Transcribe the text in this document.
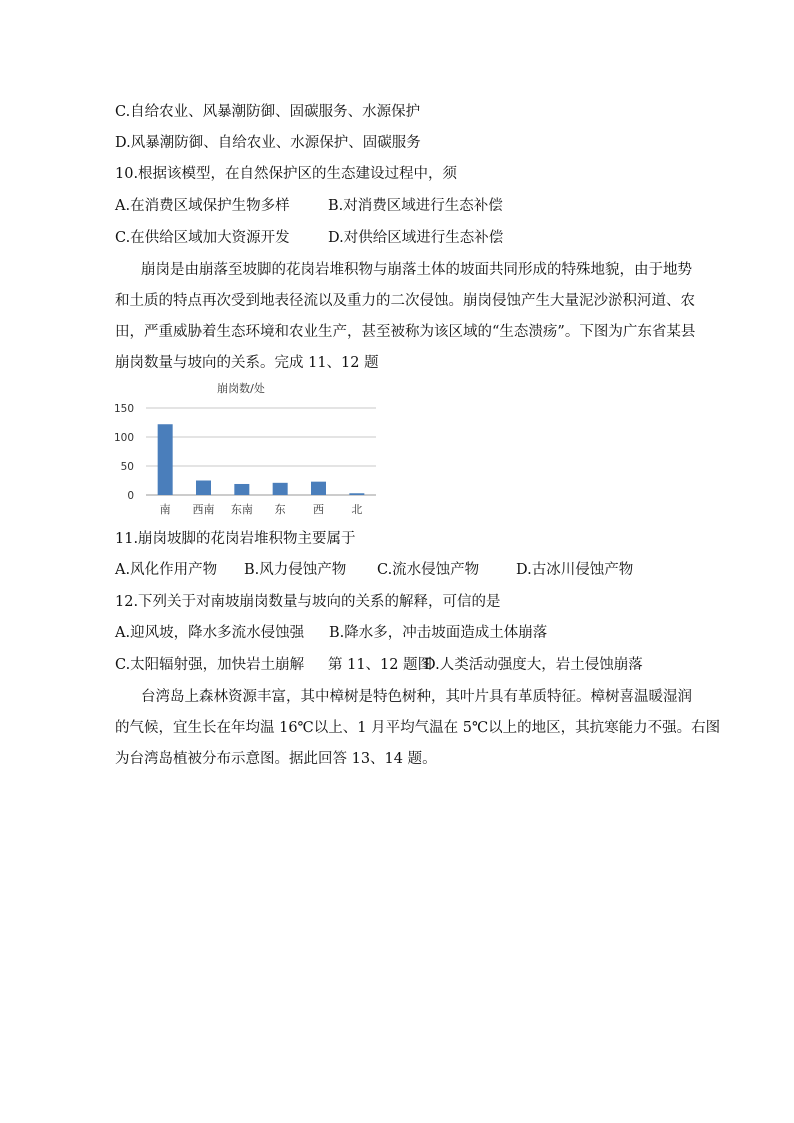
C.自给农业、风暴潮防御、固碳服务、水源保护
D.风暴潮防御、自给农业、水源保护、固碳服务
10.根据该模型，在自然保护区的生态建设过程中，须
A.在消费区域保护生物多样	B.对消费区域进行生态补偿
C.在供给区域加大资源开发	D.对供给区域进行生态补偿
崩岗是由崩落至坡脚的花岗岩堆积物与崩落土体的坡面共同形成的特殊地貌，由于地势
和土质的特点再次受到地表径流以及重力的二次侵蚀。崩岗侵蚀产生大量泥沙淤积河道、农
田，严重威胁着生态环境和农业生产，甚至被称为该区域的“生态溃疡”。下图为广东省某县
崩岗数量与坡向的关系。完成 11、12 题
崩岗数/处
0
50
100
150
南 西南 东南 东 西 北
11.崩岗坡脚的花岗岩堆积物主要属于
A.风化作用产物 B.风力侵蚀产物 C.流水侵蚀产物	D.古冰川侵蚀产物
12.下列关于对南坡崩岗数量与坡向的关系的解释，可信的是
A.迎风坡，降水多流水侵蚀强 B.降水多，冲击坡面造成土体崩落
C.太阳辐射强，加快岩土崩解 第 11、12 题图
D.人类活动强度大，岩土侵蚀崩落
台湾岛上森林资源丰富，其中樟树是特色树种，其叶片具有革质特征。樟树喜温暖湿润
的气候，宜生长在年均温 16℃以上、1 月平均气温在 5℃以上的地区，其抗寒能力不强。右图
为台湾岛植被分布示意图。据此回答 13、14 题。
